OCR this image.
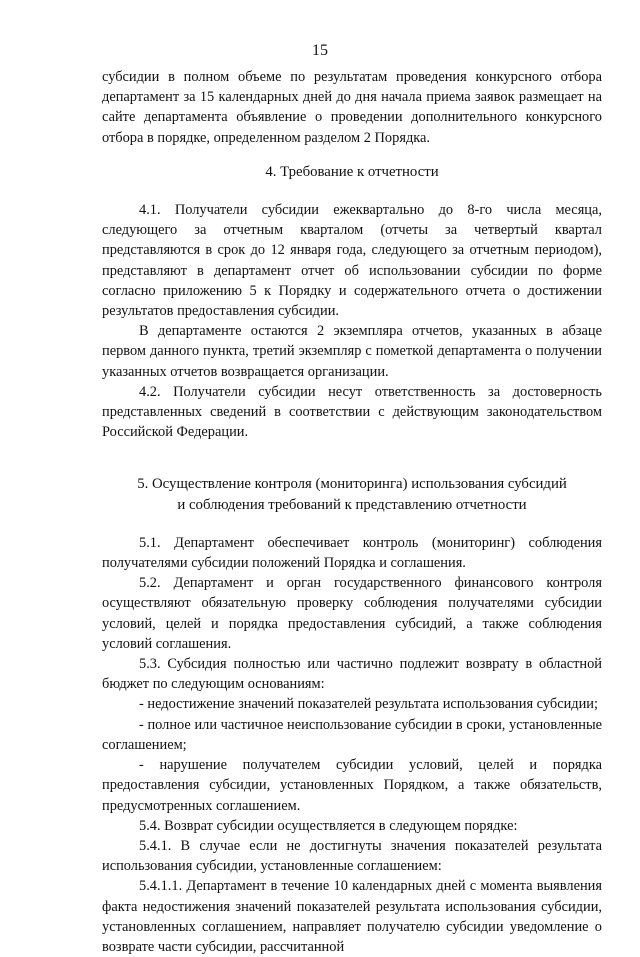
15

субсидии в полном объеме по результатам проведения конкурсного отбора департамент за 15 календарных дней до дня начала приема заявок размещает на сайте департамента объявление о проведении дополнительного конкурсного отбора в порядке, определенном разделом 2 Порядка.

4. Требование к отчетности

4.1. Получатели субсидии ежеквартально до 8-го числа месяца, следующего за отчетным кварталом (отчеты за четвертый квартал представляются в срок до 12 января года, следующего за отчетным периодом), представляют в департамент отчет об использовании субсидии по форме согласно приложению 5 к Порядку и содержательного отчета о достижении результатов предоставления субсидии.

В департаменте остаются 2 экземпляра отчетов, указанных в абзаце первом данного пункта, третий экземпляр с пометкой департамента о получении указанных отчетов возвращается организации.

4.2. Получатели субсидии несут ответственность за достоверность представленных сведений в соответствии с действующим законодательством Российской Федерации.

5. Осуществление контроля (мониторинга) использования субсидий
и соблюдения требований к представлению отчетности

5.1. Департамент обеспечивает контроль (мониторинг) соблюдения получателями субсидии положений Порядка и соглашения.

5.2. Департамент и орган государственного финансового контроля осуществляют обязательную проверку соблюдения получателями субсидии условий, целей и порядка предоставления субсидий, а также соблюдения условий соглашения.

5.3. Субсидия полностью или частично подлежит возврату в областной бюджет по следующим основаниям:

- недостижение значений показателей результата использования субсидии;

- полное или частичное неиспользование субсидии в сроки, установленные соглашением;

- нарушение получателем субсидии условий, целей и порядка предоставления субсидии, установленных Порядком, а также обязательств, предусмотренных соглашением.

5.4. Возврат субсидии осуществляется в следующем порядке:

5.4.1. В случае если не достигнуты значения показателей результата использования субсидии, установленные соглашением:

5.4.1.1. Департамент в течение 10 календарных дней с момента выявления факта недостижения значений показателей результата использования субсидии, установленных соглашением, направляет получателю субсидии уведомление о возврате части субсидии, рассчитанной
